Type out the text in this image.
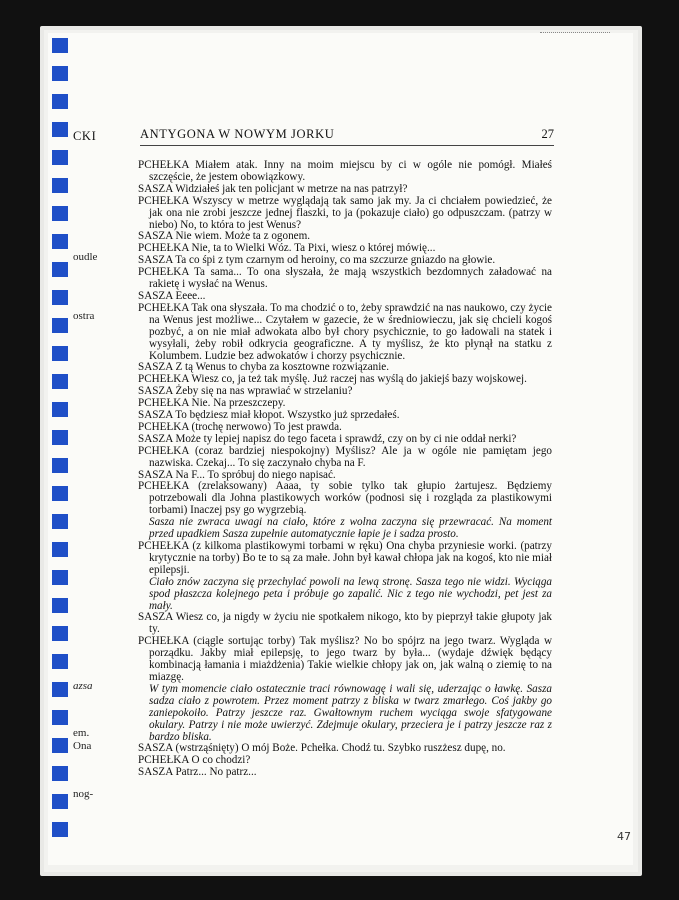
oudle
ostra
azsa
em.
Ona
nog-
CKI	ANTYGONA W NOWYM JORKU	27

PCHEŁKA Miałem atak. Inny na moim miejscu by ci w ogóle nie pomógł. Miałeś szczęście, że jestem obowiązkowy.

SASZA Widziałeś jak ten policjant w metrze na nas patrzył?

PCHEŁKA Wszyscy w metrze wyglądają tak samo jak my. Ja ci chciałem powiedzieć, że jak ona nie zrobi jeszcze jednej flaszki, to ja (pokazuje ciało) go odpuszczam. (patrzy w niebo) No, to która to jest Wenus?

SASZA Nie wiem. Może ta z ogonem.

PCHEŁKA Nie, ta to Wielki Wóz. Ta Pixi, wiesz o której mówię...

SASZA Ta co śpi z tym czarnym od heroiny, co ma szczurze gniazdo na głowie.

PCHEŁKA Ta sama... To ona słyszała, że mają wszystkich bezdomnych załadować na rakietę i wysłać na Wenus.

SASZA Eeee...

PCHEŁKA Tak ona słyszała. To ma chodzić o to, żeby sprawdzić na nas naukowo, czy życie na Wenus jest możliwe... Czytałem w gazecie, że w średniowieczu, jak się chcieli kogoś pozbyć, a on nie miał adwokata albo był chory psychicznie, to go ładowali na statek i wysyłali, żeby robił odkrycia geograficzne. A ty myślisz, że kto płynął na statku z Kolumbem. Ludzie bez adwokatów i chorzy psychicznie.

SASZA Z tą Wenus to chyba za kosztowne rozwiązanie.

PCHEŁKA Wiesz co, ja też tak myślę. Już raczej nas wyślą do jakiejś bazy wojskowej.

SASZA Żeby się na nas wprawiać w strzelaniu?

PCHEŁKA Nie. Na przeszczepy.

SASZA To będziesz miał kłopot. Wszystko już sprzedałeś.

PCHEŁKA (trochę nerwowo) To jest prawda.

SASZA Może ty lepiej napisz do tego faceta i sprawdź, czy on by ci nie oddał nerki?

PCHEŁKA (coraz bardziej niespokojny) Myślisz? Ale ja w ogóle nie pamiętam jego nazwiska. Czekaj... To się zaczynało chyba na F.

SASZA Na F... To spróbuj do niego napisać.

PCHEŁKA (zrelaksowany) Aaaa, ty sobie tylko tak głupio żartujesz. Będziemy potrzebowali dla Johna plastikowych worków (podnosi się i rozgląda za plastikowymi torbami) Inaczej psy go wygrzebią.

Sasza nie zwraca uwagi na ciało, które z wolna zaczyna się przewracać. Na moment przed upadkiem Sasza zupełnie automatycznie łapie je i sadza prosto.

PCHEŁKA (z kilkoma plastikowymi torbami w ręku) Ona chyba przyniesie worki. (patrzy krytycznie na torby) Bo te to są za małe. John był kawał chłopa jak na kogoś, kto nie miał epilepsji.

Ciało znów zaczyna się przechylać powoli na lewą stronę. Sasza tego nie widzi. Wyciąga spod płaszcza kolejnego peta i próbuje go zapalić. Nic z tego nie wychodzi, pet jest za mały.

SASZA Wiesz co, ja nigdy w życiu nie spotkałem nikogo, kto by pieprzył takie głupoty jak ty.

PCHEŁKA (ciągle sortując torby) Tak myślisz? No bo spójrz na jego twarz. Wygląda w porządku. Jakby miał epilepsję, to jego twarz by była... (wydaje dźwięk będący kombinacją łamania i miażdżenia) Takie wielkie chłopy jak on, jak walną o ziemię to na miazgę.

W tym momencie ciało ostatecznie traci równowagę i wali się, uderzając o ławkę. Sasza sadza ciało z powrotem. Przez moment patrzy z bliska w twarz zmarłego. Coś jakby go zaniepokoiło. Patrzy jeszcze raz. Gwałtownym ruchem wyciąga swoje sfatygowane okulary. Patrzy i nie może uwierzyć. Zdejmuje okulary, przeciera je i patrzy jeszcze raz z bardzo bliska.

SASZA (wstrząśnięty) O mój Boże. Pchełka. Chodź tu. Szybko ruszżesz dupę, no.

PCHEŁKA O co chodzi?

SASZA Patrz... No patrz...

47
